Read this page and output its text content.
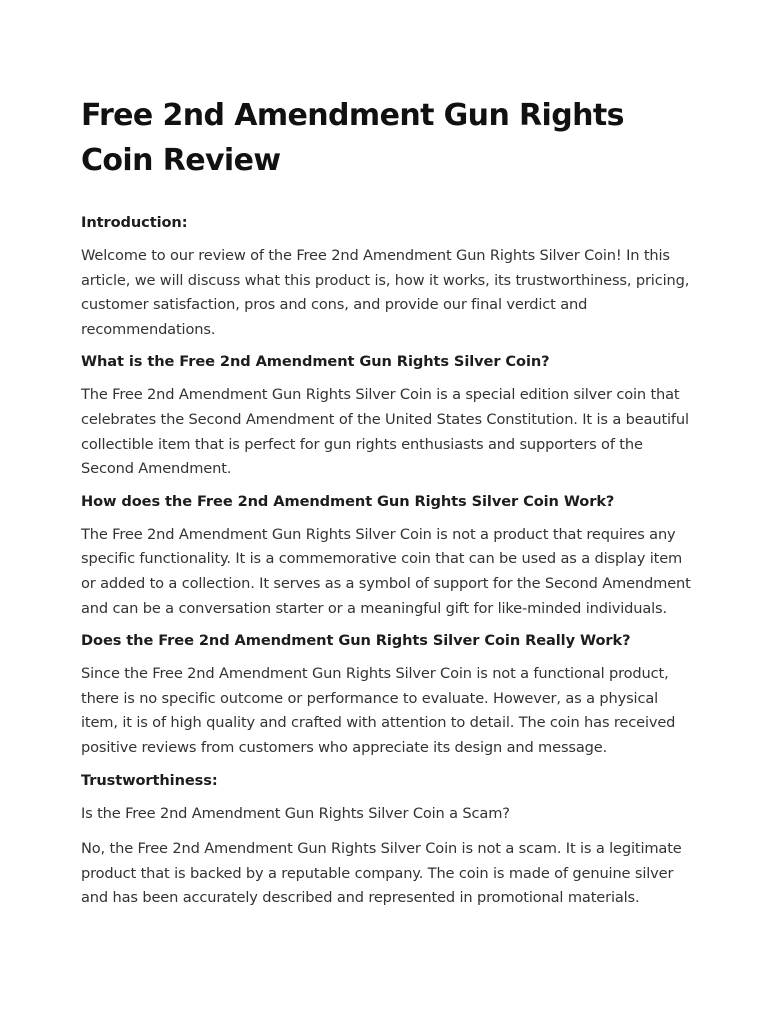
Free 2nd Amendment Gun Rights Coin Review
Introduction:

Welcome to our review of the Free 2nd Amendment Gun Rights Silver Coin! In this article, we will discuss what this product is, how it works, its trustworthiness, pricing, customer satisfaction, pros and cons, and provide our final verdict and recommendations.

What is the Free 2nd Amendment Gun Rights Silver Coin?

The Free 2nd Amendment Gun Rights Silver Coin is a special edition silver coin that celebrates the Second Amendment of the United States Constitution. It is a beautiful collectible item that is perfect for gun rights enthusiasts and supporters of the Second Amendment.

How does the Free 2nd Amendment Gun Rights Silver Coin Work?

The Free 2nd Amendment Gun Rights Silver Coin is not a product that requires any specific functionality. It is a commemorative coin that can be used as a display item or added to a collection. It serves as a symbol of support for the Second Amendment and can be a conversation starter or a meaningful gift for like-minded individuals.

Does the Free 2nd Amendment Gun Rights Silver Coin Really Work?

Since the Free 2nd Amendment Gun Rights Silver Coin is not a functional product, there is no specific outcome or performance to evaluate. However, as a physical item, it is of high quality and crafted with attention to detail. The coin has received positive reviews from customers who appreciate its design and message.

Trustworthiness:

Is the Free 2nd Amendment Gun Rights Silver Coin a Scam?

No, the Free 2nd Amendment Gun Rights Silver Coin is not a scam. It is a legitimate product that is backed by a reputable company. The coin is made of genuine silver and has been accurately described and represented in promotional materials.
